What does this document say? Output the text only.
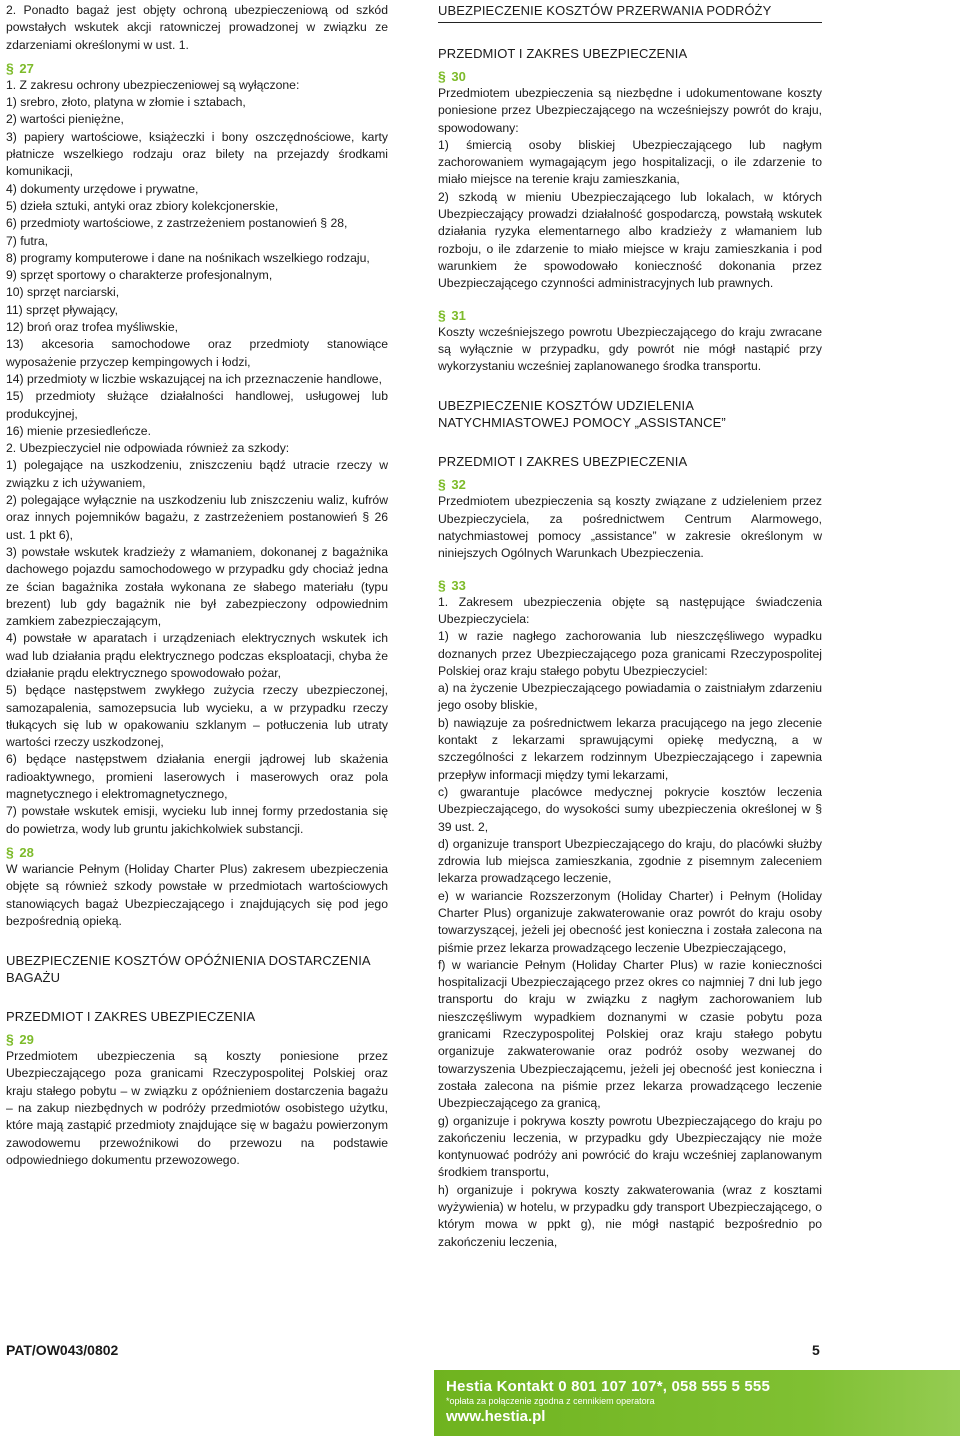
2. Ponadto bagaż jest objęty ochroną ubezpieczeniową od szkód powstałych wskutek akcji ratowniczej prowadzonej w związku ze zdarzeniami określonymi w ust. 1.

§ 27

1. Z zakresu ochrony ubezpieczeniowej są wyłączone:

1) srebro, złoto, platyna w złomie i sztabach,

2) wartości pieniężne,

3) papiery wartościowe, książeczki i bony oszczędnościowe, karty płatnicze wszelkiego rodzaju oraz bilety na przejazdy środkami komunikacji,

4) dokumenty urzędowe i prywatne,

5) dzieła sztuki, antyki oraz zbiory kolekcjonerskie,

6) przedmioty wartościowe, z zastrzeżeniem postanowień § 28,

7) futra,

8) programy komputerowe i dane na nośnikach wszelkiego rodzaju,

9) sprzęt sportowy o charakterze profesjonalnym,

10) sprzęt narciarski,

11) sprzęt pływający,

12) broń oraz trofea myśliwskie,

13) akcesoria samochodowe oraz przedmioty stanowiące wyposażenie przyczep kempingowych i łodzi,

14) przedmioty w liczbie wskazującej na ich przeznaczenie handlowe,

15) przedmioty służące działalności handlowej, usługowej lub produkcyjnej,

16) mienie przesiedleńcze.

2. Ubezpieczyciel nie odpowiada również za szkody:

1) polegające na uszkodzeniu, zniszczeniu bądź utracie rzeczy w związku z ich używaniem,

2) polegające wyłącznie na uszkodzeniu lub zniszczeniu waliz, kufrów oraz innych pojemników bagażu, z zastrzeżeniem postanowień § 26 ust. 1 pkt 6),

3) powstałe wskutek kradzieży z włamaniem, dokonanej z bagażnika dachowego pojazdu samochodowego w przypadku gdy chociaż jedna ze ścian bagażnika została wykonana ze słabego materiału (typu brezent) lub gdy bagażnik nie był zabezpieczony odpowiednim zamkiem zabezpieczającym,

4) powstałe w aparatach i urządzeniach elektrycznych wskutek ich wad lub działania prądu elektrycznego podczas eksploatacji, chyba że działanie prądu elektrycznego spowodowało pożar,

5) będące następstwem zwykłego zużycia rzeczy ubezpieczonej, samozapalenia, samozepsucia lub wycieku, a w przypadku rzeczy tłukących się lub w opakowaniu szklanym – potłuczenia lub utraty wartości rzeczy uszkodzonej,

6) będące następstwem działania energii jądrowej lub skażenia radioaktywnego, promieni laserowych i maserowych oraz pola magnetycznego i elektromagnetycznego,

7) powstałe wskutek emisji, wycieku lub innej formy przedostania się do powietrza, wody lub gruntu jakichkolwiek substancji.

§ 28

W wariancie Pełnym (Holiday Charter Plus) zakresem ubezpieczenia objęte są również szkody powstałe w przedmiotach wartościowych stanowiących bagaż Ubezpieczającego i znajdujących się pod jego bezpośrednią opieką.

UBEZPIECZENIE KOSZTÓW OPÓŹNIENIA DOSTARCZENIA BAGAŻU
PRZEDMIOT I ZAKRES UBEZPIECZENIA
§ 29

Przedmiotem ubezpieczenia są koszty poniesione przez Ubezpieczającego poza granicami Rzeczypospolitej Polskiej oraz kraju stałego pobytu – w związku z opóźnieniem dostarczenia bagażu – na zakup niezbędnych w podróży przedmiotów osobistego użytku, które mają zastąpić przedmioty znajdujące się w bagażu powierzonym zawodowemu przewoźnikowi do przewozu na podstawie odpowiedniego dokumentu przewozowego.

UBEZPIECZENIE KOSZTÓW PRZERWANIA PODRÓŻY
PRZEDMIOT I ZAKRES UBEZPIECZENIA
§ 30

Przedmiotem ubezpieczenia są niezbędne i udokumentowane koszty poniesione przez Ubezpieczającego na wcześniejszy powrót do kraju, spowodowany:

1) śmiercią osoby bliskiej Ubezpieczającego lub nagłym zachorowaniem wymagającym jego hospitalizacji, o ile zdarzenie to miało miejsce na terenie kraju zamieszkania,

2) szkodą w mieniu Ubezpieczającego lub lokalach, w których Ubezpieczający prowadzi działalność gospodarczą, powstałą wskutek działania ryzyka elementarnego albo kradzieży z włamaniem lub rozboju, o ile zdarzenie to miało miejsce w kraju zamieszkania i pod warunkiem że spowodowało konieczność dokonania przez Ubezpieczającego czynności administracyjnych lub prawnych.

§ 31

Koszty wcześniejszego powrotu Ubezpieczającego do kraju zwracane są wyłącznie w przypadku, gdy powrót nie mógł nastąpić przy wykorzystaniu wcześniej zaplanowanego środka transportu.

UBEZPIECZENIE KOSZTÓW UDZIELENIA NATYCHMIASTOWEJ POMOCY „ASSISTANCE”
PRZEDMIOT I ZAKRES UBEZPIECZENIA
§ 32

Przedmiotem ubezpieczenia są koszty związane z udzieleniem przez Ubezpieczyciela, za pośrednictwem Centrum Alarmowego, natychmiastowej pomocy „assistance” w zakresie określonym w niniejszych Ogólnych Warunkach Ubezpieczenia.

§ 33

1. Zakresem ubezpieczenia objęte są następujące świadczenia Ubezpieczyciela:

1) w razie nagłego zachorowania lub nieszczęśliwego wypadku doznanych przez Ubezpieczającego poza granicami Rzeczypospolitej Polskiej oraz kraju stałego pobytu Ubezpieczyciel:

a) na życzenie Ubezpieczającego powiadamia o zaistniałym zdarzeniu jego osoby bliskie,

b) nawiązuje za pośrednictwem lekarza pracującego na jego zlecenie kontakt z lekarzami sprawującymi opiekę medyczną, a w szczególności z lekarzem rodzinnym Ubezpieczającego i zapewnia przepływ informacji między tymi lekarzami,

c) gwarantuje placówce medycznej pokrycie kosztów leczenia Ubezpieczającego, do wysokości sumy ubezpieczenia określonej w § 39 ust. 2,

d) organizuje transport Ubezpieczającego do kraju, do placówki służby zdrowia lub miejsca zamieszkania, zgodnie z pisemnym zaleceniem lekarza prowadzącego leczenie,

e) w wariancie Rozszerzonym (Holiday Charter) i Pełnym (Holiday Charter Plus) organizuje zakwaterowanie oraz powrót do kraju osoby towarzyszącej, jeżeli jej obecność jest konieczna i została zalecona na piśmie przez lekarza prowadzącego leczenie Ubezpieczającego,

f) w wariancie Pełnym (Holiday Charter Plus) w razie konieczności hospitalizacji Ubezpieczającego przez okres co najmniej 7 dni lub jego transportu do kraju w związku z nagłym zachorowaniem lub nieszczęśliwym wypadkiem doznanymi w czasie pobytu poza granicami Rzeczypospolitej Polskiej oraz kraju stałego pobytu organizuje zakwaterowanie oraz podróż osoby wezwanej do towarzyszenia Ubezpieczającemu, jeżeli jej obecność jest konieczna i została zalecona na piśmie przez lekarza prowadzącego leczenie Ubezpieczającego za granicą,

g) organizuje i pokrywa koszty powrotu Ubezpieczającego do kraju po zakończeniu leczenia, w przypadku gdy Ubezpieczający nie może kontynuować podróży ani powrócić do kraju wcześniej zaplanowanym środkiem transportu,

h) organizuje i pokrywa koszty zakwaterowania (wraz z kosztami wyżywienia) w hotelu, w przypadku gdy transport Ubezpieczającego, o którym mowa w ppkt g), nie mógł nastąpić bezpośrednio po zakończeniu leczenia,

PAT/OW043/0802	5

Hestia Kontakt 0 801 107 107*, 058 555 5 555

*opłata za połączenie zgodna z cennikiem operatora

www.hestia.pl
